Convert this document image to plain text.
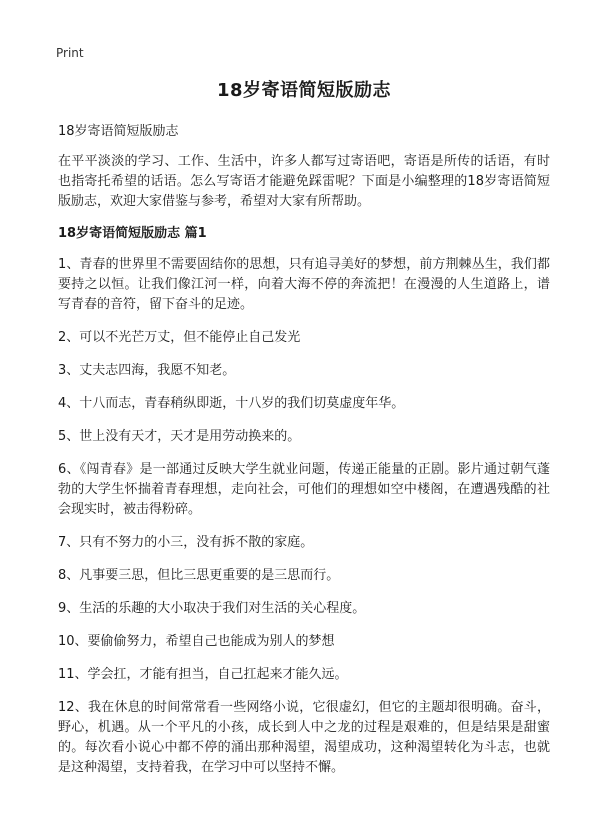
Print
18岁寄语简短版励志
18岁寄语简短版励志
在平平淡淡的学习、工作、生活中，许多人都写过寄语吧，寄语是所传的话语，有时也指寄托希望的话语。怎么写寄语才能避免踩雷呢？下面是小编整理的18岁寄语简短版励志，欢迎大家借鉴与参考，希望对大家有所帮助。
18岁寄语简短版励志 篇1
1、青春的世界里不需要固结你的思想，只有追寻美好的梦想，前方荆棘丛生，我们都要持之以恒。让我们像江河一样，向着大海不停的奔流把！在漫漫的人生道路上，谱写青春的音符，留下奋斗的足迹。
2、可以不光芒万丈，但不能停止自己发光
3、丈夫志四海，我愿不知老。
4、十八而志，青春稍纵即逝，十八岁的我们切莫虚度年华。
5、世上没有天才，天才是用劳动换来的。
6、《闯青春》是一部通过反映大学生就业问题，传递正能量的正剧。影片通过朝气蓬勃的大学生怀揣着青春理想，走向社会，可他们的理想如空中楼阁，在遭遇残酷的社会现实时，被击得粉碎。
7、只有不努力的小三，没有拆不散的家庭。
8、凡事要三思，但比三思更重要的是三思而行。
9、生活的乐趣的大小取决于我们对生活的关心程度。
10、要偷偷努力，希望自己也能成为别人的梦想
11、学会扛，才能有担当，自己扛起来才能久远。
12、我在休息的时间常常看一些网络小说，它很虚幻，但它的主题却很明确。奋斗，野心，机遇。从一个平凡的小孩，成长到人中之龙的过程是艰难的，但是结果是甜蜜的。每次看小说心中都不停的涌出那种渴望，渴望成功，这种渴望转化为斗志，也就是这种渴望，支持着我，在学习中可以坚持不懈。
